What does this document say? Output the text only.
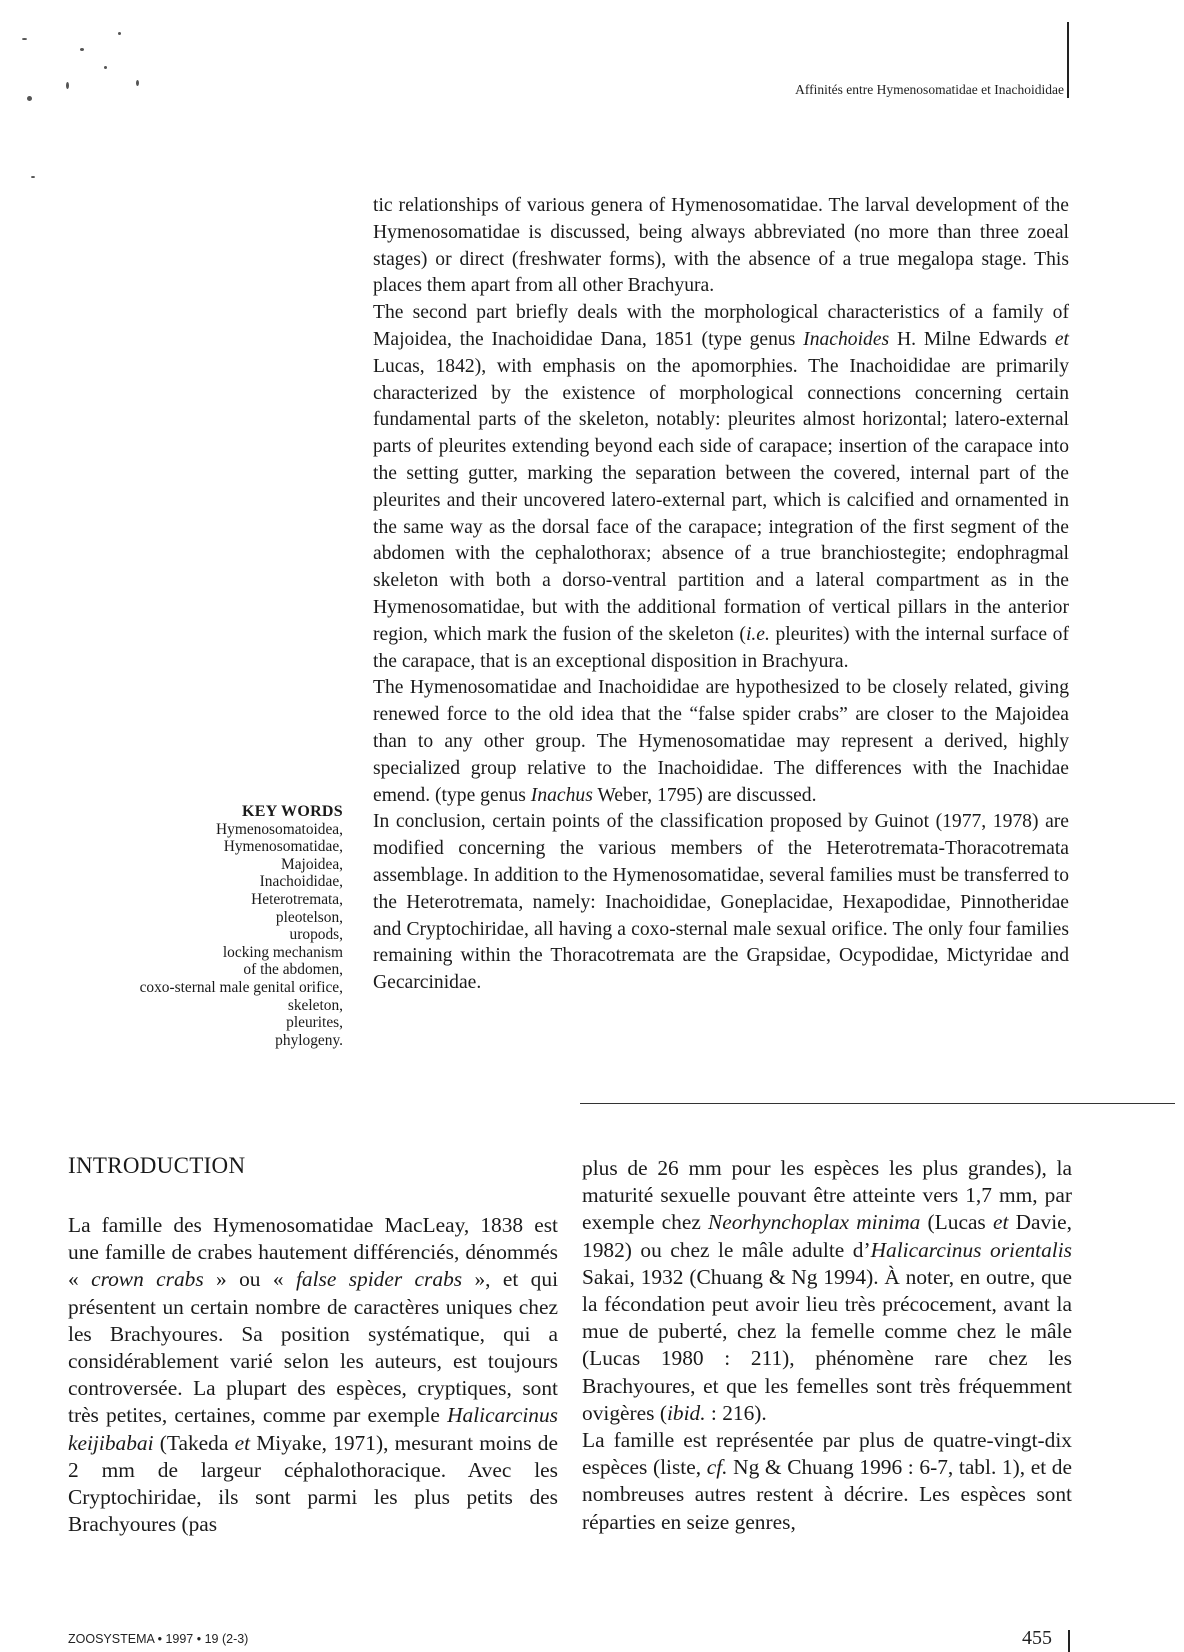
Affinités entre Hymenosomatidae et Inachoididae

tic relationships of various genera of Hymenosomatidae. The larval development of the Hymenosomatidae is discussed, being always abbreviated (no more than three zoeal stages) or direct (freshwater forms), with the absence of a true megalopa stage. This places them apart from all other Brachyura.

The second part briefly deals with the morphological characteristics of a family of Majoidea, the Inachoididae Dana, 1851 (type genus Inachoides H. Milne Edwards et Lucas, 1842), with emphasis on the apomorphies. The Inachoididae are primarily characterized by the existence of morphological connections concerning certain fundamental parts of the skeleton, notably: pleurites almost horizontal; latero-external parts of pleurites extending beyond each side of carapace; insertion of the carapace into the setting gutter, marking the separation between the covered, internal part of the pleurites and their uncovered latero-external part, which is calcified and ornamented in the same way as the dorsal face of the carapace; integration of the first segment of the abdomen with the cephalothorax; absence of a true branchiostegite; endophragmal skeleton with both a dorso-ventral partition and a lateral compartment as in the Hymenosomatidae, but with the additional formation of vertical pillars in the anterior region, which mark the fusion of the skeleton (i.e. pleurites) with the internal surface of the carapace, that is an exceptional disposition in Brachyura.

The Hymenosomatidae and Inachoididae are hypothesized to be closely related, giving renewed force to the old idea that the “false spider crabs” are closer to the Majoidea than to any other group. The Hymenosomatidae may represent a derived, highly specialized group relative to the Inachoididae. The differences with the Inachidae emend. (type genus Inachus Weber, 1795) are discussed.

In conclusion, certain points of the classification proposed by Guinot (1977, 1978) are modified concerning the various members of the Heterotremata-Thoracotremata assemblage. In addition to the Hymenosomatidae, several families must be transferred to the Heterotremata, namely: Inachoididae, Goneplacidae, Hexapodidae, Pinnotheridae and Cryptochiridae, all having a coxo-sternal male sexual orifice. The only four families remaining within the Thoracotremata are the Grapsidae, Ocypodidae, Mictyridae and Gecarcinidae.

KEY WORDS
Hymenosomatoidea,
Hymenosomatidae,
Majoidea,
Inachoididae,
Heterotremata,
pleotelson,
uropods,
locking mechanism
of the abdomen,
coxo-sternal male genital orifice,
skeleton,
pleurites,
phylogeny.
INTRODUCTION

La famille des Hymenosomatidae MacLeay, 1838 est une famille de crabes hautement différenciés, dénommés « crown crabs » ou « false spider crabs », et qui présentent un certain nombre de caractères uniques chez les Brachyoures. Sa position systématique, qui a considérablement varié selon les auteurs, est toujours controversée. La plupart des espèces, cryptiques, sont très petites, certaines, comme par exemple Halicarcinus keijibabai (Takeda et Miyake, 1971), mesurant moins de 2 mm de largeur céphalothoracique. Avec les Cryptochiridae, ils sont parmi les plus petits des Brachyoures (pas

plus de 26 mm pour les espèces les plus grandes), la maturité sexuelle pouvant être atteinte vers 1,7 mm, par exemple chez Neorhynchoplax minima (Lucas et Davie, 1982) ou chez le mâle adulte d’Halicarcinus orientalis Sakai, 1932 (Chuang & Ng 1994). À noter, en outre, que la fécondation peut avoir lieu très précocement, avant la mue de puberté, chez la femelle comme chez le mâle (Lucas 1980 : 211), phénomène rare chez les Brachyoures, et que les femelles sont très fréquemment ovigères (ibid. : 216).

La famille est représentée par plus de quatre-vingt-dix espèces (liste, cf. Ng & Chuang 1996 : 6-7, tabl. 1), et de nombreuses autres restent à décrire. Les espèces sont réparties en seize genres,

ZOOSYSTEMA • 1997 • 19 (2-3)	455
